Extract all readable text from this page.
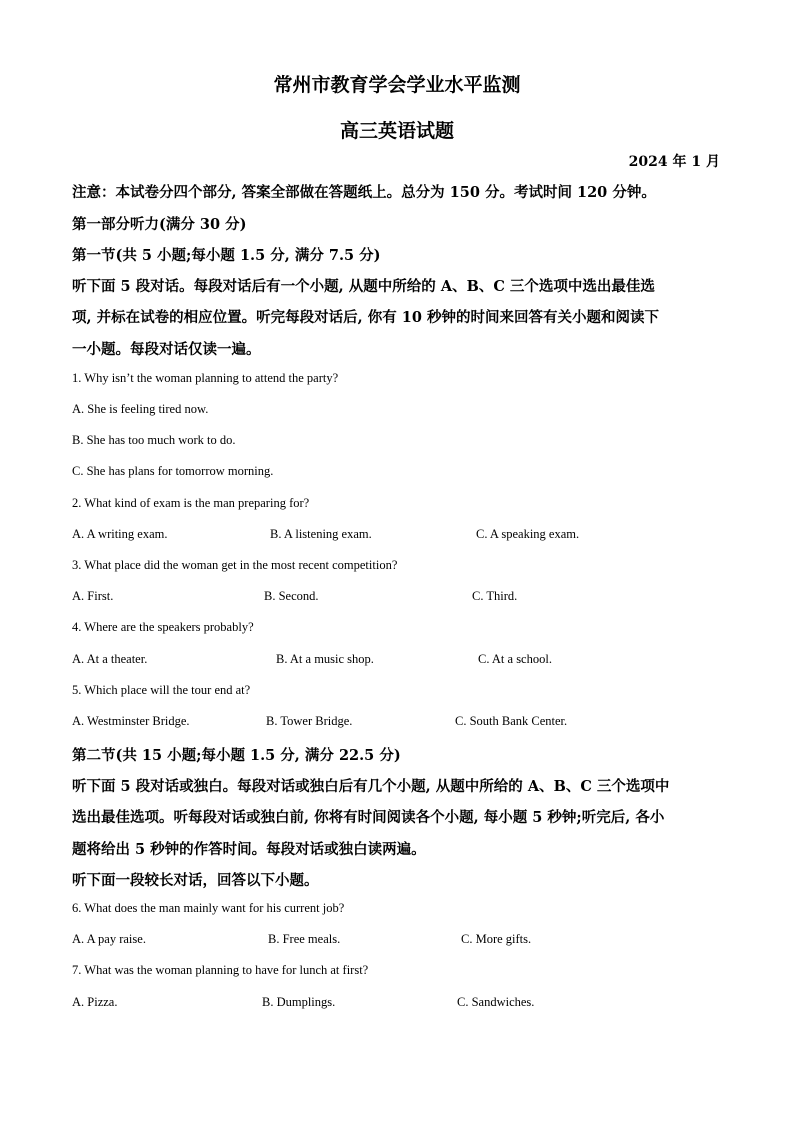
常州市教育学会学业水平监测
高三英语试题
2024 年 1 月
注意：本试卷分四个部分, 答案全部做在答题纸上。总分为 150 分。考试时间 120 分钟。
第一部分听力(满分 30 分)
第一节(共 5 小题;每小题 1.5 分, 满分 7.5 分)
听下面 5 段对话。每段对话后有一个小题, 从题中所给的 A、B、C 三个选项中选出最佳选
项, 并标在试卷的相应位置。听完每段对话后, 你有 10 秒钟的时间来回答有关小题和阅读下
一小题。每段对话仅读一遍。
1. Why isn’t the woman planning to attend the party?
A. She is feeling tired now.
B. She has too much work to do.
C. She has plans for tomorrow morning.
2. What kind of exam is the man preparing for?
A. A writing exam.	B. A listening exam.	C. A speaking exam.
3. What place did the woman get in the most recent competition?
A. First.	B. Second.	C. Third.
4. Where are the speakers probably?
A. At a theater.	B. At a music shop.	C. At a school.
5. Which place will the tour end at?
A. Westminster Bridge.	B. Tower Bridge.	C. South Bank Center.
第二节(共 15 小题;每小题 1.5 分, 满分 22.5 分)
听下面 5 段对话或独白。每段对话或独白后有几个小题, 从题中所给的 A、B、C 三个选项中
选出最佳选项。听每段对话或独白前, 你将有时间阅读各个小题, 每小题 5 秒钟;听完后, 各小
题将给出 5 秒钟的作答时间。每段对话或独白读两遍。
听下面一段较长对话，回答以下小题。
6. What does the man mainly want for his current job?
A. A pay raise.	B. Free meals.	C. More gifts.
7. What was the woman planning to have for lunch at first?
A. Pizza.	B. Dumplings.	C. Sandwiches.
